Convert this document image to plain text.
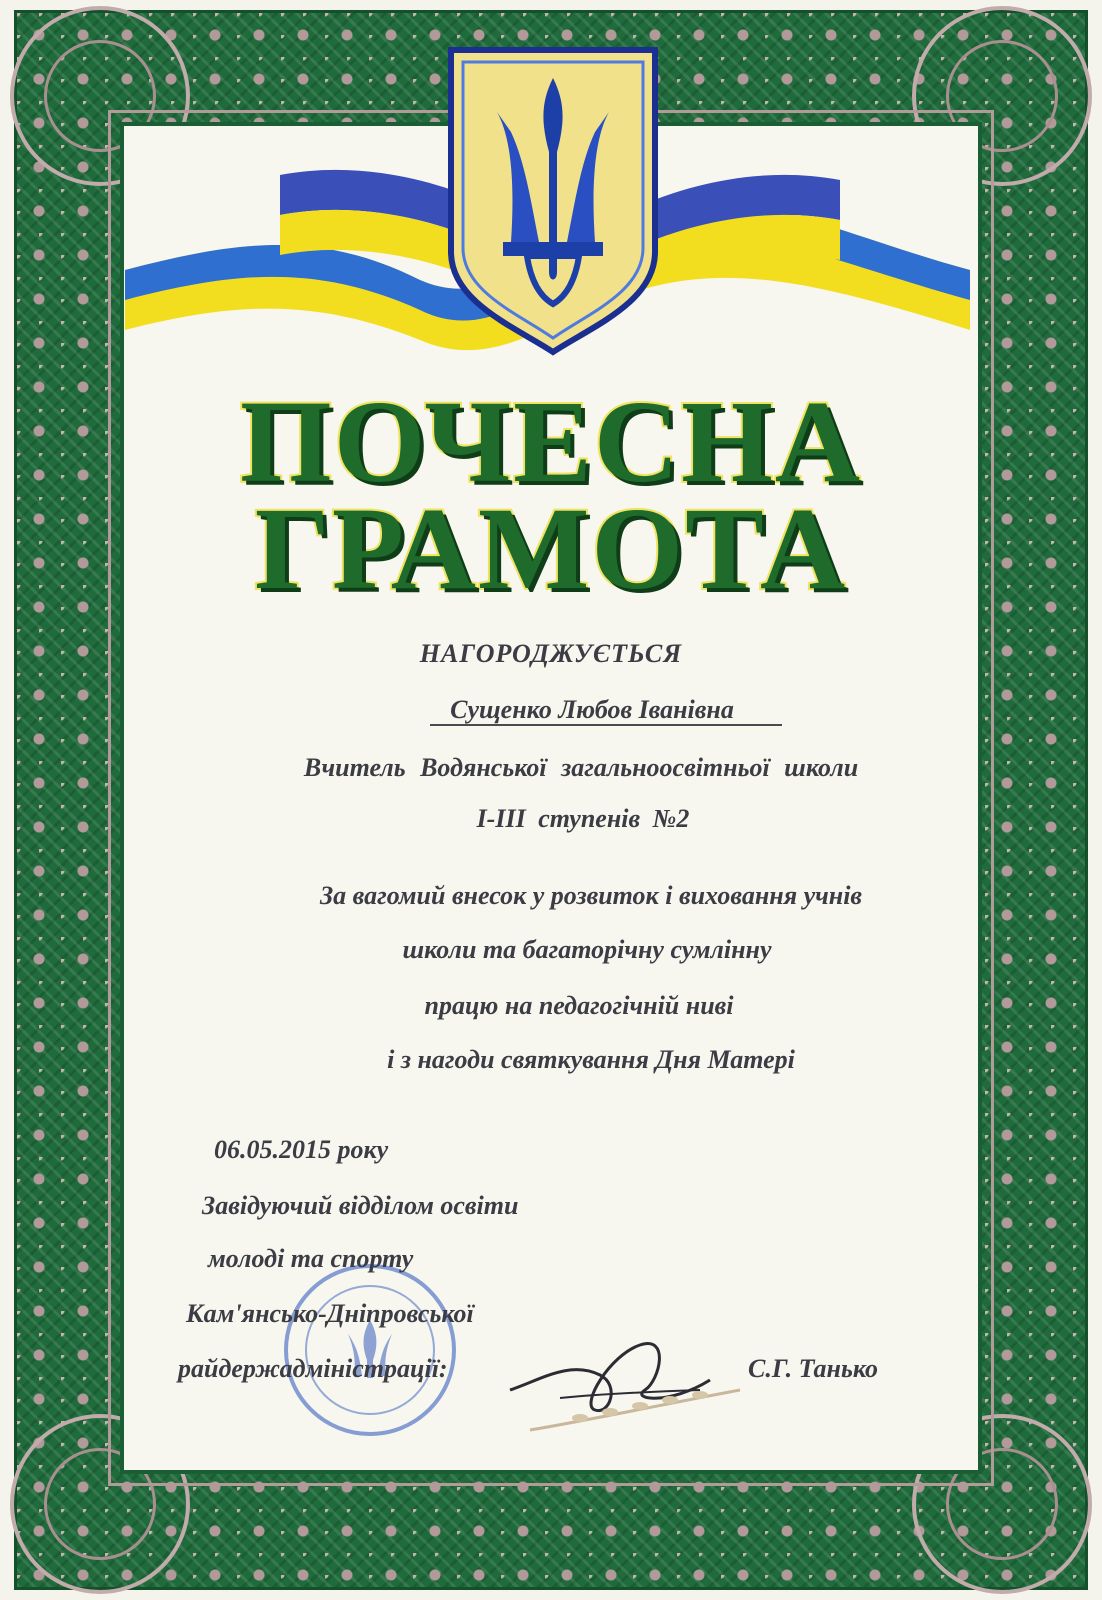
ПОЧЕСНА
ГРАМОТА
НАГОРОДЖУЄТЬСЯ
Сущенко Любов Іванівна
Вчитель Водянської загальноосвітньої школи
І-ІІІ ступенів №2
За вагомий внесок у розвиток і виховання учнів
школи та багаторічну сумлінну
працю на педагогічній ниві
і з нагоди святкування Дня Матері
06.05.2015 року
Завідуючий відділом освіти
молоді та спорту
Кам'янсько-Дніпровської
райдержадміністрації:	С.Г. Танько
